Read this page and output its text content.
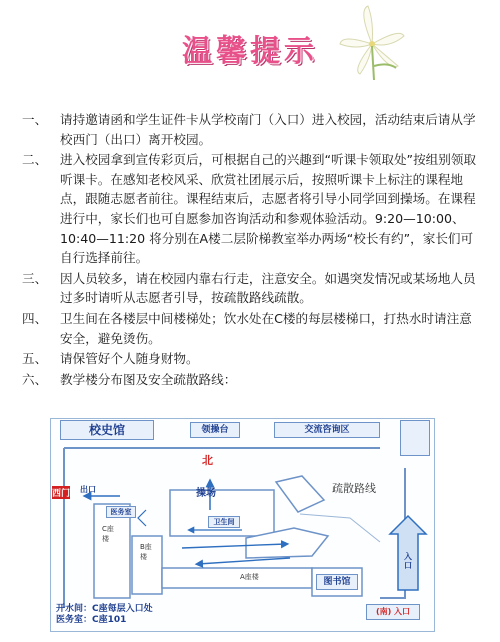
温馨提示
一、 请持邀请函和学生证件卡从学校南门（入口）进入校园，活动结束后请从学校西门（出口）离开校园。
二、 进入校园拿到宣传彩页后，可根据自己的兴趣到“听课卡领取处”按组别领取听课卡。在感知老校风采、欣赏社团展示后，按照听课卡上标注的课程地点，跟随志愿者前往。课程结束后，志愿者将引导小同学回到操场。在课程进行中，家长们也可自愿参加咨询活动和参观体验活动。9:20—10:00、10:40—11:20 将分别在A楼二层阶梯教室举办两场“校长有约”，家长们可自行选择前往。
三、 因人员较多，请在校园内靠右行走，注意安全。如遇突发情况或某场地人员过多时请听从志愿者引导，按疏散路线疏散。
四、 卫生间在各楼层中间楼梯处；饮水处在C楼的每层楼梯口，打热水时请注意安全，避免烫伤。
五、 请保管好个人随身财物。
六、 教学楼分布图及安全疏散路线：
校史馆	领操台	交流咨询区
北
操场	疏散路线
西门 出口
医务室
C座楼
B座楼
A座楼
卫生间
图书馆
入口
(南) 入口
开水间：C座每层入口处
医务室：C座101
